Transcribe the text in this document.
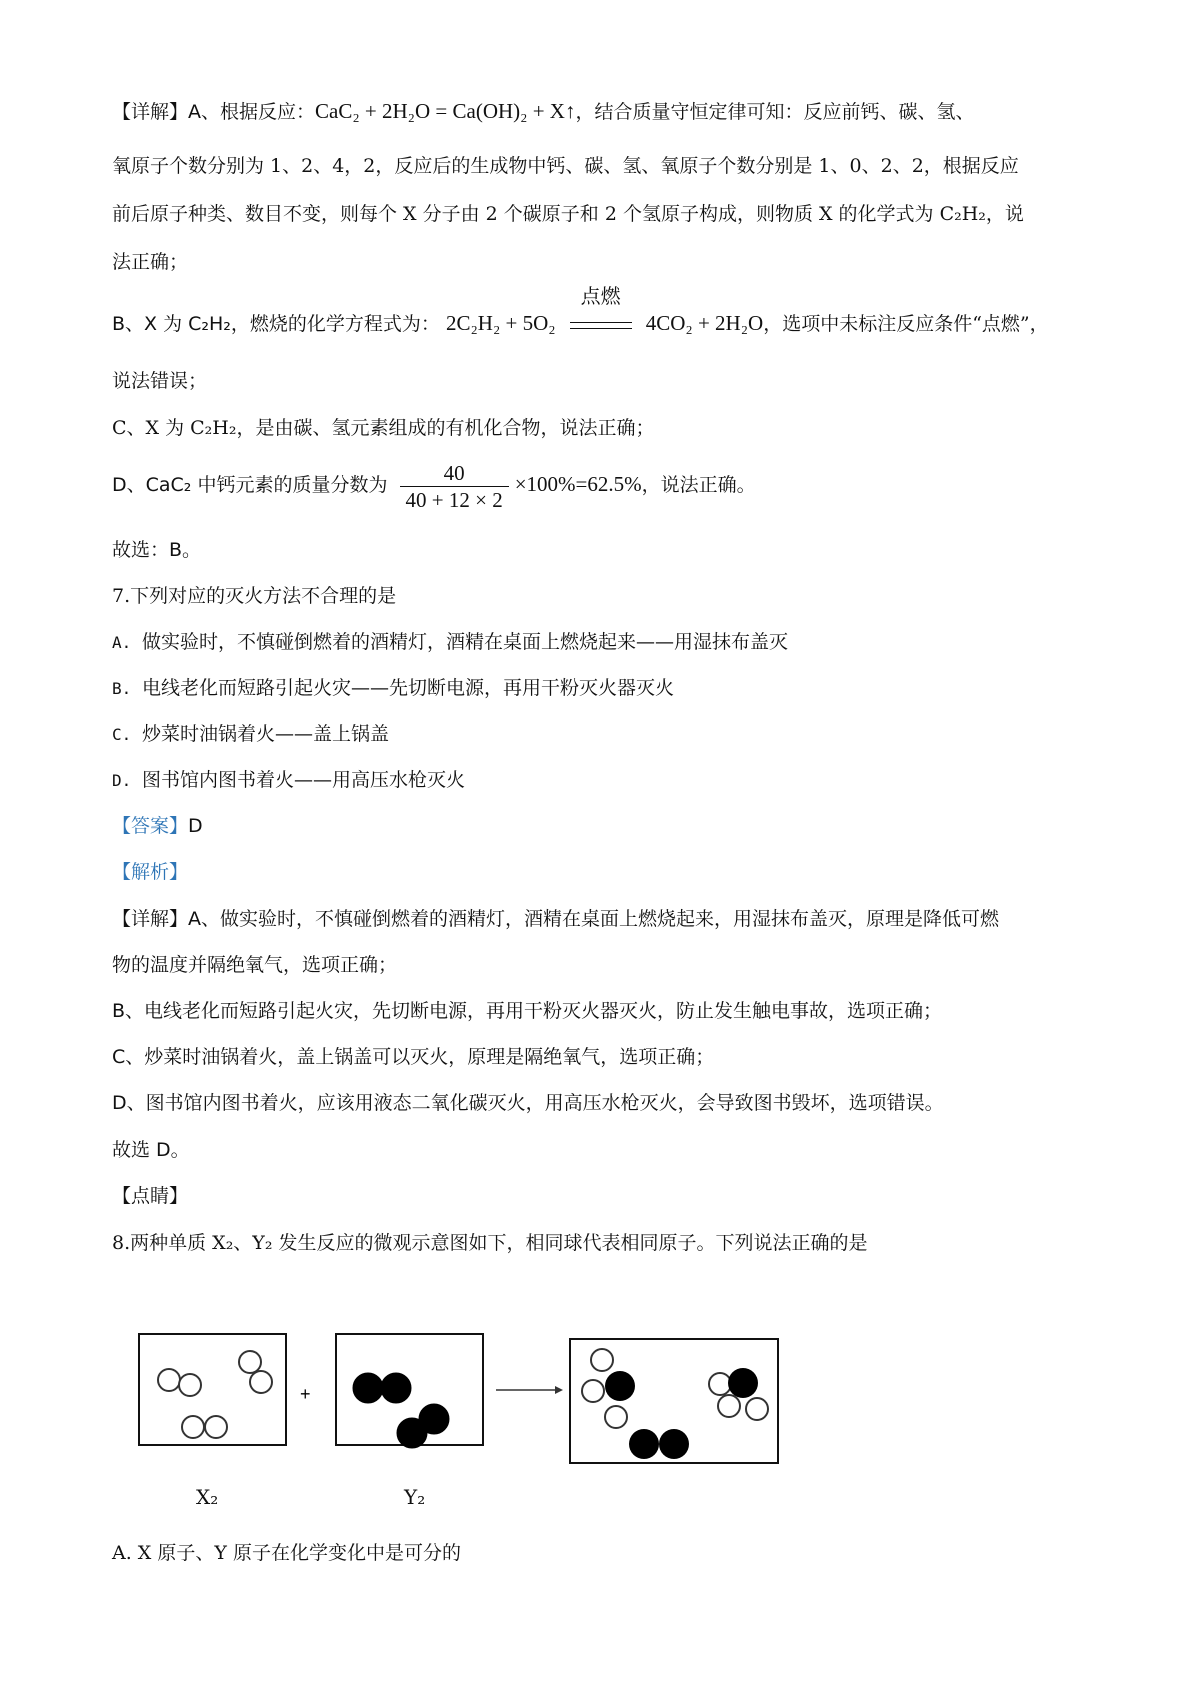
【详解】A、根据反应：CaC₂ + 2H₂O = Ca(OH)₂ + X↑，结合质量守恒定律可知：反应前钙、碳、氢、
氧原子个数分别为 1、2、4，2，反应后的生成物中钙、碳、氢、氧原子个数分别是 1、0、2、2，根据反应
前后原子种类、数目不变，则每个 X 分子由 2 个碳原子和 2 个氢原子构成，则物质 X 的化学式为 C₂H₂，说
法正确；
B、X 为 C₂H₂，燃烧的化学方程式为： 2C₂H₂ + 5O₂
点燃
4CO₂ + 2H₂O，选项中未标注反应条件“点燃”，
说法错误；
C、X 为 C₂H₂，是由碳、氢元素组成的有机化合物，说法正确；
D、CaC₂ 中钙元素的质量分数为 $\frac{40}{40 + 12 \times 2} \times 100\%=62.5\%$，说法正确。
故选：B。
7.下列对应的灭火方法不合理的是
A. 做实验时，不慎碰倒燃着的酒精灯，酒精在桌面上燃烧起来——用湿抹布盖灭
B. 电线老化而短路引起火灾——先切断电源，再用干粉灭火器灭火
C. 炒菜时油锅着火——盖上锅盖
D. 图书馆内图书着火——用高压水枪灭火
【答案】D
【解析】
【详解】A、做实验时，不慎碰倒燃着的酒精灯，酒精在桌面上燃烧起来，用湿抹布盖灭，原理是降低可燃
物的温度并隔绝氧气，选项正确；
B、电线老化而短路引起火灾，先切断电源，再用干粉灭火器灭火，防止发生触电事故，选项正确；
C、炒菜时油锅着火，盖上锅盖可以灭火，原理是隔绝氧气，选项正确；
D、图书馆内图书着火，应该用液态二氧化碳灭火，用高压水枪灭火，会导致图书毁坏，选项错误。
故选 D。
【点睛】
8.两种单质 X₂、Y₂ 发生反应的微观示意图如下，相同球代表相同原子。下列说法正确的是
+
X₂	Y₂
A. X 原子、Y 原子在化学变化中是可分的
